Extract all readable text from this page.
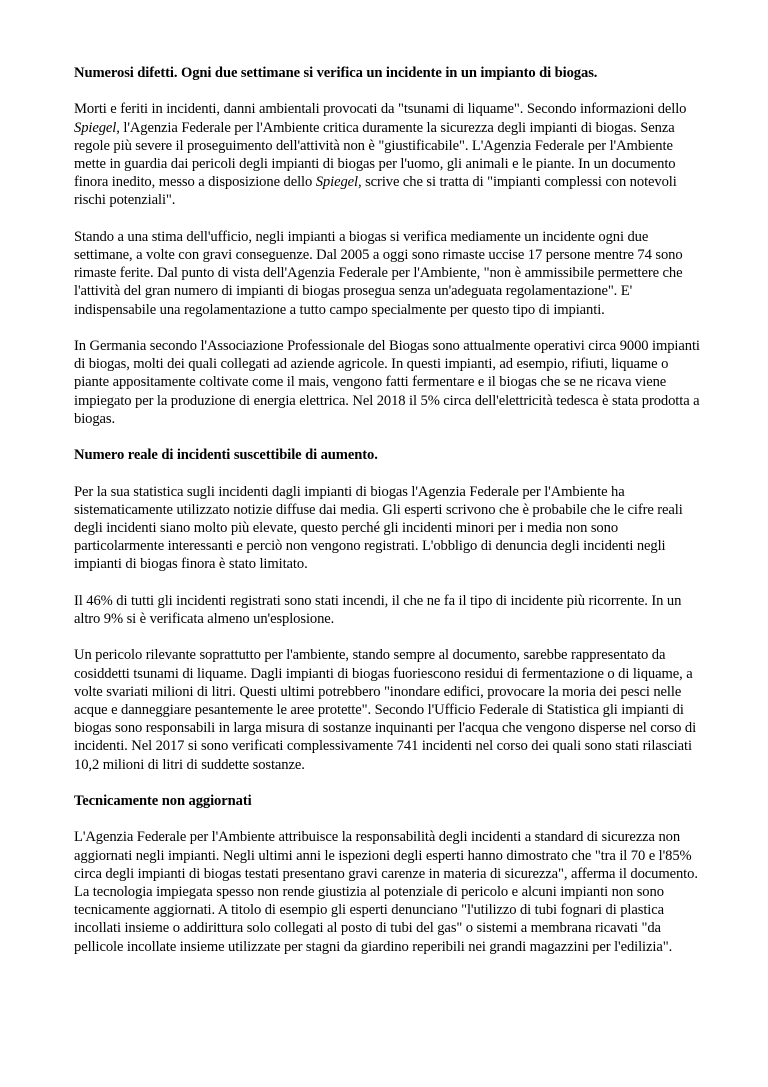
Numerosi difetti. Ogni due settimane si verifica un incidente in un impianto di biogas.

Morti e feriti in incidenti, danni ambientali provocati da "tsunami di liquame". Secondo informazioni dello Spiegel, l'Agenzia Federale per l'Ambiente critica duramente la sicurezza degli impianti di biogas. Senza regole più severe il proseguimento dell'attività non è "giustificabile". L'Agenzia Federale per l'Ambiente mette in guardia dai pericoli degli impianti di biogas per l'uomo, gli animali e le piante. In un documento finora inedito, messo a disposizione dello Spiegel, scrive che si tratta di "impianti complessi con notevoli rischi potenziali".

Stando a una stima dell'ufficio, negli impianti a biogas si verifica mediamente un incidente ogni due settimane, a volte con gravi conseguenze. Dal 2005 a oggi sono rimaste uccise 17 persone mentre 74 sono rimaste ferite. Dal punto di vista dell'Agenzia Federale per l'Ambiente, "non è ammissibile permettere che l'attività del gran numero di impianti di biogas prosegua senza un'adeguata regolamentazione". E' indispensabile una regolamentazione a tutto campo specialmente per questo tipo di impianti.

In Germania secondo l'Associazione Professionale del Biogas sono attualmente operativi circa 9000 impianti di biogas, molti dei quali collegati ad aziende agricole. In questi impianti, ad esempio, rifiuti, liquame o piante appositamente coltivate come il mais, vengono fatti fermentare e il biogas che se ne ricava viene impiegato per la produzione di energia elettrica. Nel 2018 il 5% circa dell'elettricità tedesca è stata prodotta a biogas.

Numero reale di incidenti suscettibile di aumento.

Per la sua statistica sugli incidenti dagli impianti di biogas l'Agenzia Federale per l'Ambiente ha sistematicamente utilizzato notizie diffuse dai media. Gli esperti scrivono che è probabile che le cifre reali degli incidenti siano molto più elevate, questo perché gli incidenti minori per i media non sono particolarmente interessanti e perciò non vengono registrati. L'obbligo di denuncia degli incidenti negli impianti di biogas finora è stato limitato.

Il 46% di tutti gli incidenti registrati sono stati incendi, il che ne fa il tipo di incidente più ricorrente. In un altro 9% si è verificata almeno un'esplosione.

Un pericolo rilevante soprattutto per l'ambiente, stando sempre al documento, sarebbe rappresentato da cosiddetti tsunami di liquame. Dagli impianti di biogas fuoriescono residui di fermentazione o di liquame, a volte svariati milioni di litri. Questi ultimi potrebbero "inondare edifici, provocare la moria dei pesci nelle acque e danneggiare pesantemente le aree protette". Secondo l'Ufficio Federale di Statistica gli impianti di biogas sono responsabili in larga misura di sostanze inquinanti per l'acqua che vengono disperse nel corso di incidenti. Nel 2017 si sono verificati complessivamente 741 incidenti nel corso dei quali sono stati rilasciati 10,2 milioni di litri di suddette sostanze.

Tecnicamente non aggiornati

L'Agenzia Federale per l'Ambiente attribuisce la responsabilità degli incidenti a standard di sicurezza non aggiornati negli impianti. Negli ultimi anni le ispezioni degli esperti hanno dimostrato che "tra il 70 e l'85% circa degli impianti di biogas testati presentano gravi carenze in materia di sicurezza", afferma il documento. La tecnologia impiegata spesso non rende giustizia al potenziale di pericolo e alcuni impianti non sono tecnicamente aggiornati. A titolo di esempio gli esperti denunciano "l'utilizzo di tubi fognari di plastica incollati insieme o addirittura solo collegati al posto di tubi del gas" o sistemi a membrana ricavati "da pellicole incollate insieme utilizzate per stagni da giardino reperibili nei grandi magazzini per l'edilizia".
